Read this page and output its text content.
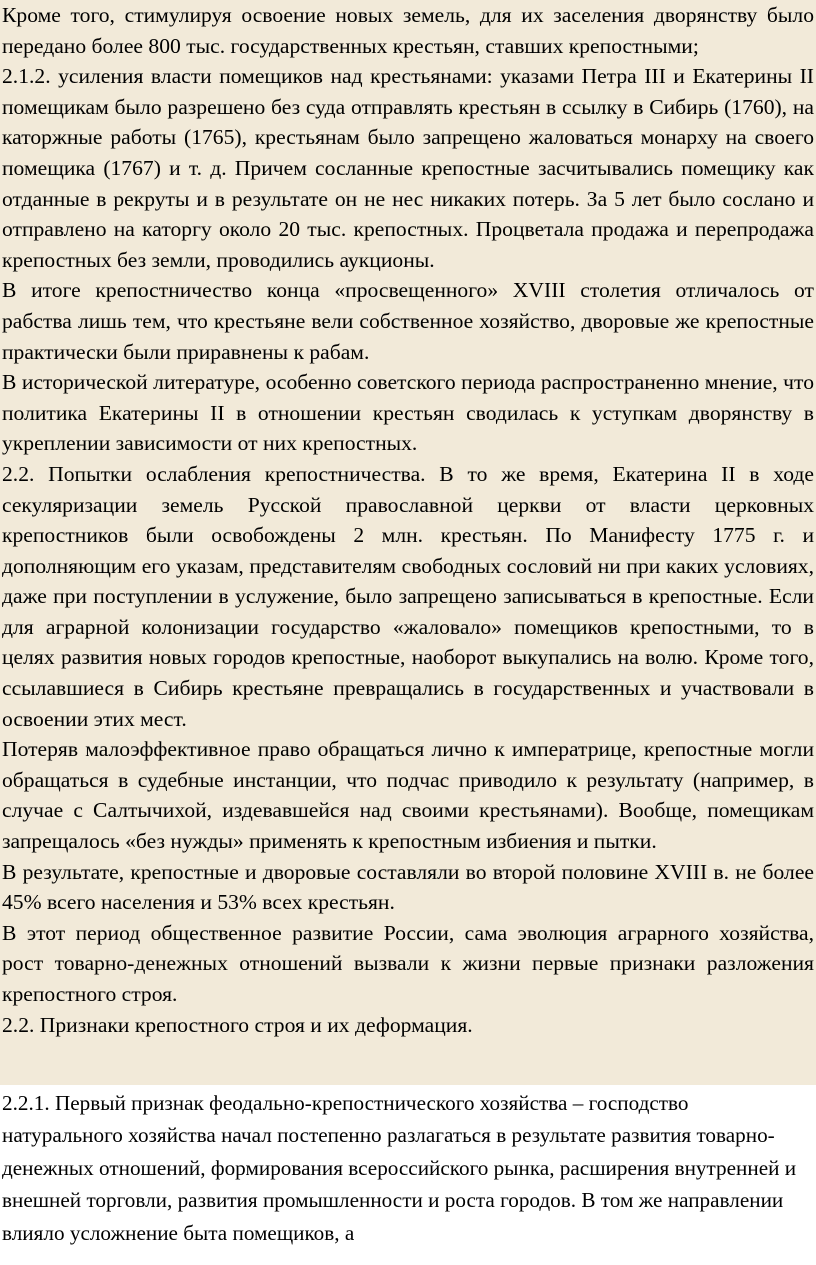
Кроме того, стимулируя освоение новых земель, для их заселения дворянству было передано более 800 тыс. государственных крестьян, ставших крепостными;

2.1.2. усиления власти помещиков над крестьянами: указами Петра III и Екатерины II помещикам было разрешено без суда отправлять крестьян в ссылку в Сибирь (1760), на каторжные работы (1765), крестьянам было запрещено жаловаться монарху на своего помещика (1767) и т. д. Причем сосланные крепостные засчитывались помещику как отданные в рекруты и в результате он не нес никаких потерь. За 5 лет было сослано и отправлено на каторгу около 20 тыс. крепостных. Процветала продажа и перепродажа крепостных без земли, проводились аукционы.

В итоге крепостничество конца «просвещенного» XVIII столетия отличалось от рабства лишь тем, что крестьяне вели собственное хозяйство, дворовые же крепостные практически были приравнены к рабам.

В исторической литературе, особенно советского периода распространенно мнение, что политика Екатерины II в отношении крестьян сводилась к уступкам дворянству в укреплении зависимости от них крепостных.

2.2. Попытки ослабления крепостничества. В то же время, Екатерина II в ходе секуляризации земель Русской православной церкви от власти церковных крепостников были освобождены 2 млн. крестьян. По Манифесту 1775 г. и дополняющим его указам, представителям свободных сословий ни при каких условиях, даже при поступлении в услужение, было запрещено записываться в крепостные. Если для аграрной колонизации государство «жаловало» помещиков крепостными, то в целях развития новых городов крепостные, наоборот выкупались на волю. Кроме того, ссылавшиеся в Сибирь крестьяне превращались в государственных и участвовали в освоении этих мест.

Потеряв малоэффективное право обращаться лично к императрице, крепостные могли обращаться в судебные инстанции, что подчас приводило к результату (например, в случае с Салтычихой, издевавшейся над своими крестьянами). Вообще, помещикам запрещалось «без нужды» применять к крепостным избиения и пытки.

В результате, крепостные и дворовые составляли во второй половине XVIII в. не более 45% всего населения и 53% всех крестьян.

В этот период общественное развитие России, сама эволюция аграрного хозяйства, рост товарно-денежных отношений вызвали к жизни первые признаки разложения крепостного строя.

2.2. Признаки крепостного строя и их деформация.

2.2.1. Первый признак феодально-крепостнического хозяйства – господство натурального хозяйства начал постепенно разлагаться в результате развития товарно-денежных отношений, формирования всероссийского рынка, расширения внутренней и внешней торговли, развития промышленности и роста городов. В том же направлении влияло усложнение быта помещиков, а
